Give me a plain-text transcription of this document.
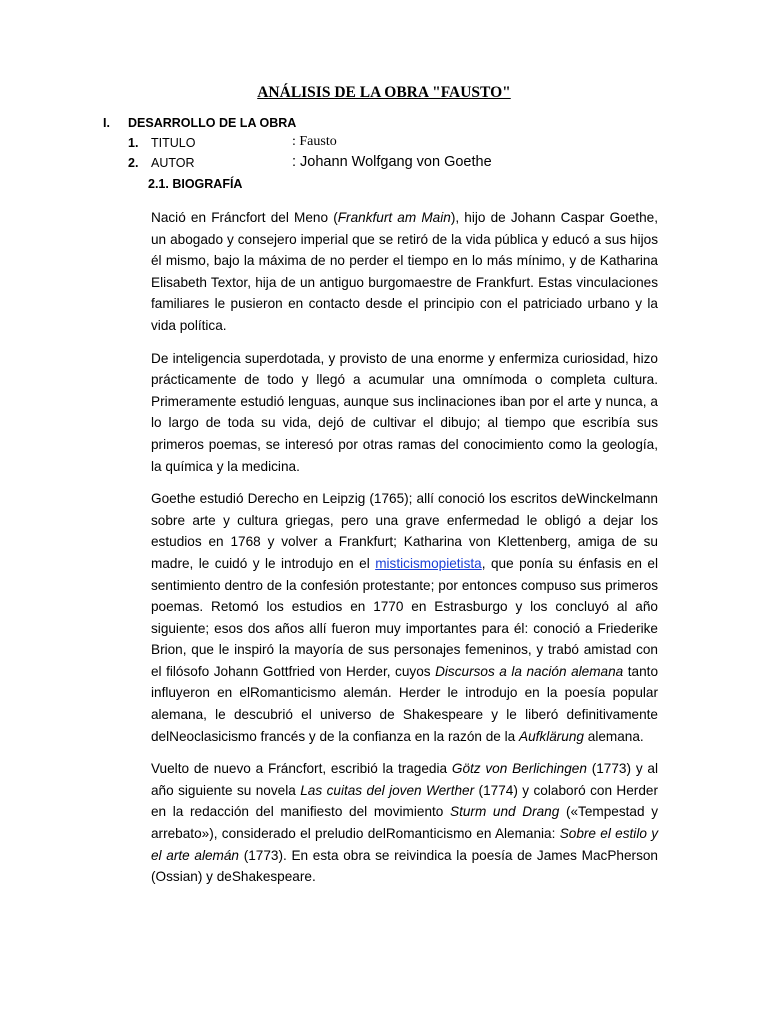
ANÁLISIS DE LA OBRA "FAUSTO"
I. DESARROLLO DE LA OBRA
1. TITULO	: Fausto
2. AUTOR	: Johann Wolfgang von Goethe
2.1. BIOGRAFÍA

Nació en Fráncfort del Meno (Frankfurt am Main), hijo de Johann Caspar Goethe, un abogado y consejero imperial que se retiró de la vida pública y educó a sus hijos él mismo, bajo la máxima de no perder el tiempo en lo más mínimo, y de Katharina Elisabeth Textor, hija de un antiguo burgomaestre de Frankfurt. Estas vinculaciones familiares le pusieron en contacto desde el principio con el patriciado urbano y la vida política.

De inteligencia superdotada, y provisto de una enorme y enfermiza curiosidad, hizo prácticamente de todo y llegó a acumular una omnímoda o completa cultura. Primeramente estudió lenguas, aunque sus inclinaciones iban por el arte y nunca, a lo largo de toda su vida, dejó de cultivar el dibujo; al tiempo que escribía sus primeros poemas, se interesó por otras ramas del conocimiento como la geología, la química y la medicina.

Goethe estudió Derecho en Leipzig (1765); allí conoció los escritos deWinckelmann sobre arte y cultura griegas, pero una grave enfermedad le obligó a dejar los estudios en 1768 y volver a Frankfurt; Katharina von Klettenberg, amiga de su madre, le cuidó y le introdujo en el misticismopietista, que ponía su énfasis en el sentimiento dentro de la confesión protestante; por entonces compuso sus primeros poemas. Retomó los estudios en 1770 en Estrasburgo y los concluyó al año siguiente; esos dos años allí fueron muy importantes para él: conoció a Friederike Brion, que le inspiró la mayoría de sus personajes femeninos, y trabó amistad con el filósofo Johann Gottfried von Herder, cuyos Discursos a la nación alemana tanto influyeron en elRomanticismo alemán. Herder le introdujo en la poesía popular alemana, le descubrió el universo de Shakespeare y le liberó definitivamente delNeoclasicismo francés y de la confianza en la razón de la Aufklärung alemana.

Vuelto de nuevo a Fráncfort, escribió la tragedia Götz von Berlichingen (1773) y al año siguiente su novela Las cuitas del joven Werther (1774) y colaboró con Herder en la redacción del manifiesto del movimiento Sturm und Drang («Tempestad y arrebato»), considerado el preludio delRomanticismo en Alemania: Sobre el estilo y el arte alemán (1773). En esta obra se reivindica la poesía de James MacPherson (Ossian) y deShakespeare.
